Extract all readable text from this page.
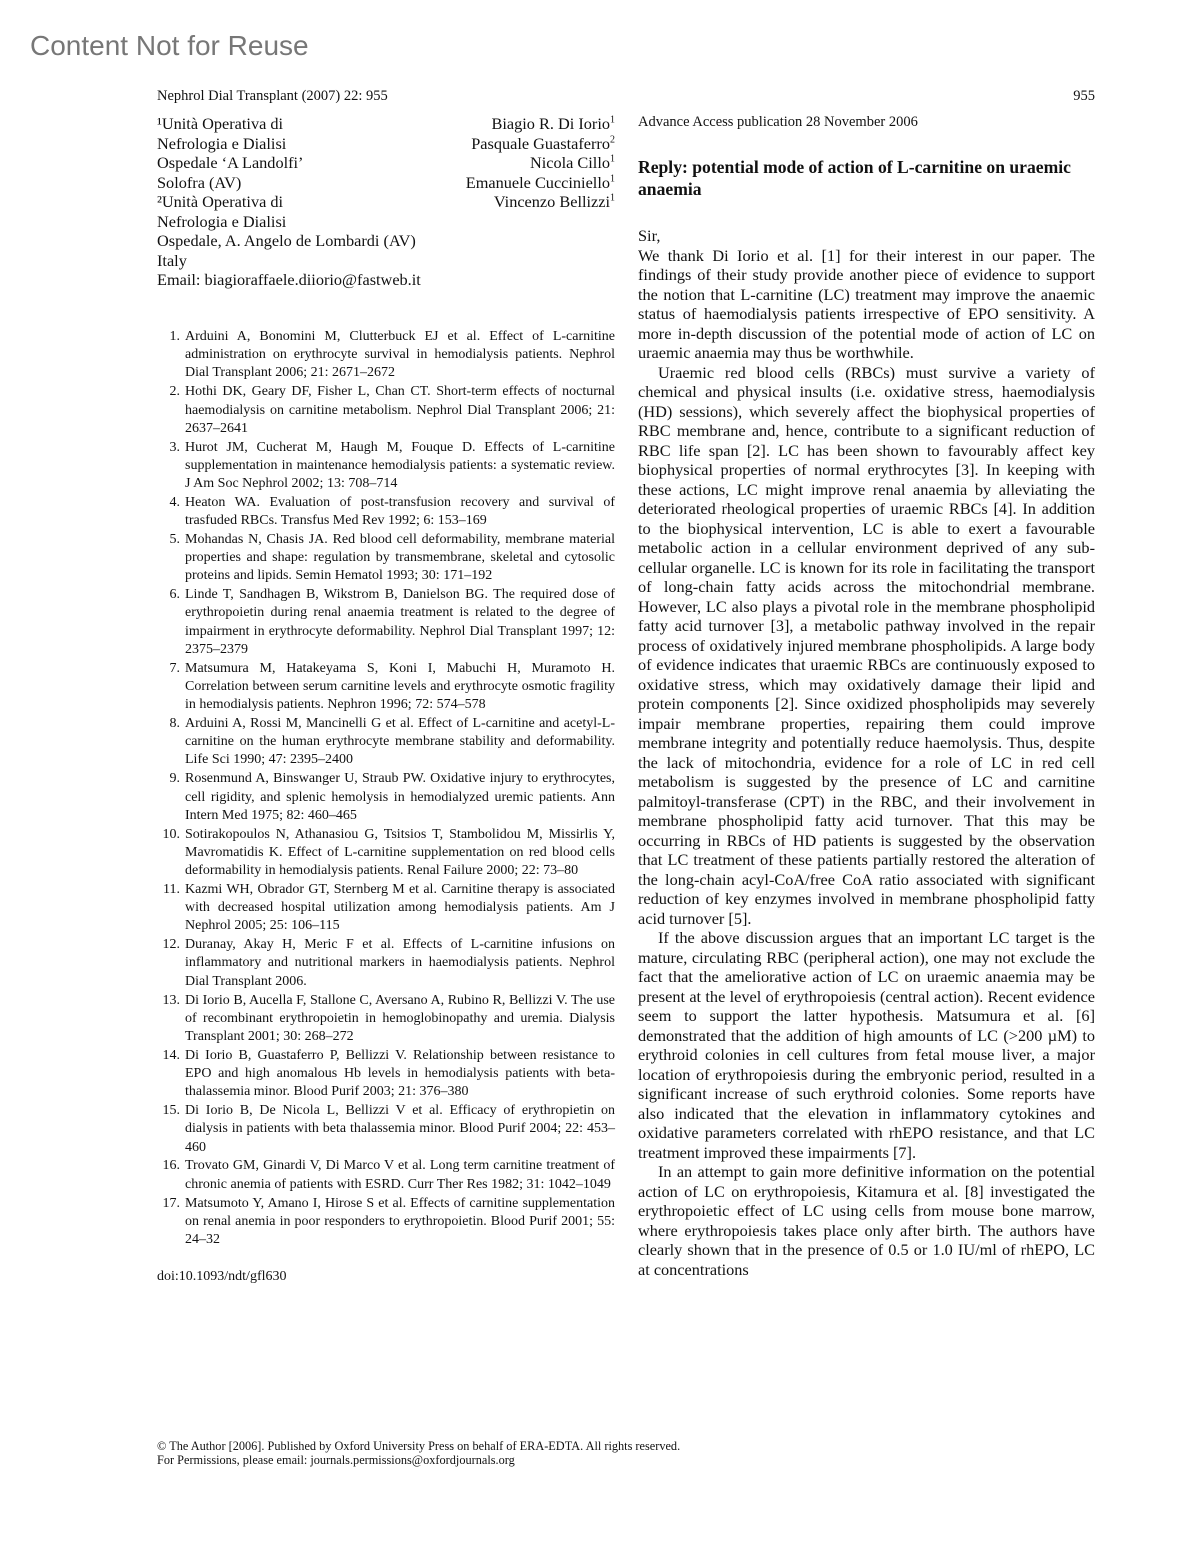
Content Not for Reuse
Nephrol Dial Transplant (2007) 22: 955	955
¹Unità Operativa di
Nefrologia e Dialisi
Ospedale ‘A Landolfi’
Solofra (AV)
²Unità Operativa di
Nefrologia e Dialisi
Ospedale, A. Angelo de Lombardi (AV)
Italy
Email: biagioraffaele.diiorio@fastweb.it
Biagio R. Di Iorio$^1$
Pasquale Guastaferro$^2$
Nicola Cillo$^1$
Emanuele Cucciniello$^1$
Vincenzo Bellizzi$^1$
1. Arduini A, Bonomini M, Clutterbuck EJ et al. Effect of L-carnitine administration on erythrocyte survival in hemodialysis patients. Nephrol Dial Transplant 2006; 21: 2671–2672
2. Hothi DK, Geary DF, Fisher L, Chan CT. Short-term effects of nocturnal haemodialysis on carnitine metabolism. Nephrol Dial Transplant 2006; 21: 2637–2641
3. Hurot JM, Cucherat M, Haugh M, Fouque D. Effects of L-carnitine supplementation in maintenance hemodialysis patients: a systematic review. J Am Soc Nephrol 2002; 13: 708–714
4. Heaton WA. Evaluation of post-transfusion recovery and survival of trasfuded RBCs. Transfus Med Rev 1992; 6: 153–169
5. Mohandas N, Chasis JA. Red blood cell deformability, membrane material properties and shape: regulation by transmembrane, skeletal and cytosolic proteins and lipids. Semin Hematol 1993; 30: 171–192
6. Linde T, Sandhagen B, Wikstrom B, Danielson BG. The required dose of erythropoietin during renal anaemia treatment is related to the degree of impairment in erythrocyte deformability. Nephrol Dial Transplant 1997; 12: 2375–2379
7. Matsumura M, Hatakeyama S, Koni I, Mabuchi H, Muramoto H. Correlation between serum carnitine levels and erythrocyte osmotic fragility in hemodialysis patients. Nephron 1996; 72: 574–578
8. Arduini A, Rossi M, Mancinelli G et al. Effect of L-carnitine and acetyl-L-carnitine on the human erythrocyte membrane stability and deformability. Life Sci 1990; 47: 2395–2400
9. Rosenmund A, Binswanger U, Straub PW. Oxidative injury to erythrocytes, cell rigidity, and splenic hemolysis in hemodialyzed uremic patients. Ann Intern Med 1975; 82: 460–465
10. Sotirakopoulos N, Athanasiou G, Tsitsios T, Stambolidou M, Missirlis Y, Mavromatidis K. Effect of L-carnitine supplementation on red blood cells deformability in hemodialysis patients. Renal Failure 2000; 22: 73–80
11. Kazmi WH, Obrador GT, Sternberg M et al. Carnitine therapy is associated with decreased hospital utilization among hemodialysis patients. Am J Nephrol 2005; 25: 106–115
12. Duranay, Akay H, Meric F et al. Effects of L-carnitine infusions on inflammatory and nutritional markers in haemodialysis patients. Nephrol Dial Transplant 2006.
13. Di Iorio B, Aucella F, Stallone C, Aversano A, Rubino R, Bellizzi V. The use of recombinant erythropoietin in hemoglobinopathy and uremia. Dialysis Transplant 2001; 30: 268–272
14. Di Iorio B, Guastaferro P, Bellizzi V. Relationship between resistance to EPO and high anomalous Hb levels in hemodialysis patients with beta-thalassemia minor. Blood Purif 2003; 21: 376–380
15. Di Iorio B, De Nicola L, Bellizzi V et al. Efficacy of erythropietin on dialysis in patients with beta thalassemia minor. Blood Purif 2004; 22: 453–460
16. Trovato GM, Ginardi V, Di Marco V et al. Long term carnitine treatment of chronic anemia of patients with ESRD. Curr Ther Res 1982; 31: 1042–1049
17. Matsumoto Y, Amano I, Hirose S et al. Effects of carnitine supplementation on renal anemia in poor responders to erythropoietin. Blood Purif 2001; 55: 24–32
doi:10.1093/ndt/gfl630
Advance Access publication 28 November 2006
Reply: potential mode of action of L-carnitine on uraemic anaemia
Sir,

We thank Di Iorio et al. [1] for their interest in our paper. The findings of their study provide another piece of evidence to support the notion that L-carnitine (LC) treatment may improve the anaemic status of haemodialysis patients irrespective of EPO sensitivity. A more in-depth discussion of the potential mode of action of LC on uraemic anaemia may thus be worthwhile.

Uraemic red blood cells (RBCs) must survive a variety of chemical and physical insults (i.e. oxidative stress, haemodialysis (HD) sessions), which severely affect the biophysical properties of RBC membrane and, hence, contribute to a significant reduction of RBC life span [2]. LC has been shown to favourably affect key biophysical properties of normal erythrocytes [3]. In keeping with these actions, LC might improve renal anaemia by alleviating the deteriorated rheological properties of uraemic RBCs [4]. In addition to the biophysical intervention, LC is able to exert a favourable metabolic action in a cellular environment deprived of any sub-cellular organelle. LC is known for its role in facilitating the transport of long-chain fatty acids across the mitochondrial membrane. However, LC also plays a pivotal role in the membrane phospholipid fatty acid turnover [3], a metabolic pathway involved in the repair process of oxidatively injured membrane phospholipids. A large body of evidence indicates that uraemic RBCs are continuously exposed to oxidative stress, which may oxidatively damage their lipid and protein components [2]. Since oxidized phospholipids may severely impair membrane properties, repairing them could improve membrane integrity and potentially reduce haemolysis. Thus, despite the lack of mitochondria, evidence for a role of LC in red cell metabolism is suggested by the presence of LC and carnitine palmitoyl-transferase (CPT) in the RBC, and their involvement in membrane phospholipid fatty acid turnover. That this may be occurring in RBCs of HD patients is suggested by the observation that LC treatment of these patients partially restored the alteration of the long-chain acyl-CoA/free CoA ratio associated with significant reduction of key enzymes involved in membrane phospholipid fatty acid turnover [5].

If the above discussion argues that an important LC target is the mature, circulating RBC (peripheral action), one may not exclude the fact that the ameliorative action of LC on uraemic anaemia may be present at the level of erythropoiesis (central action). Recent evidence seem to support the latter hypothesis. Matsumura et al. [6] demonstrated that the addition of high amounts of LC (>200 µM) to erythroid colonies in cell cultures from fetal mouse liver, a major location of erythropoiesis during the embryonic period, resulted in a significant increase of such erythroid colonies. Some reports have also indicated that the elevation in inflammatory cytokines and oxidative parameters correlated with rhEPO resistance, and that LC treatment improved these impairments [7].

In an attempt to gain more definitive information on the potential action of LC on erythropoiesis, Kitamura et al. [8] investigated the erythropoietic effect of LC using cells from mouse bone marrow, where erythropoiesis takes place only after birth. The authors have clearly shown that in the presence of 0.5 or 1.0 IU/ml of rhEPO, LC at concentrations

© The Author [2006]. Published by Oxford University Press on behalf of ERA-EDTA. All rights reserved.
For Permissions, please email: journals.permissions@oxfordjournals.org
